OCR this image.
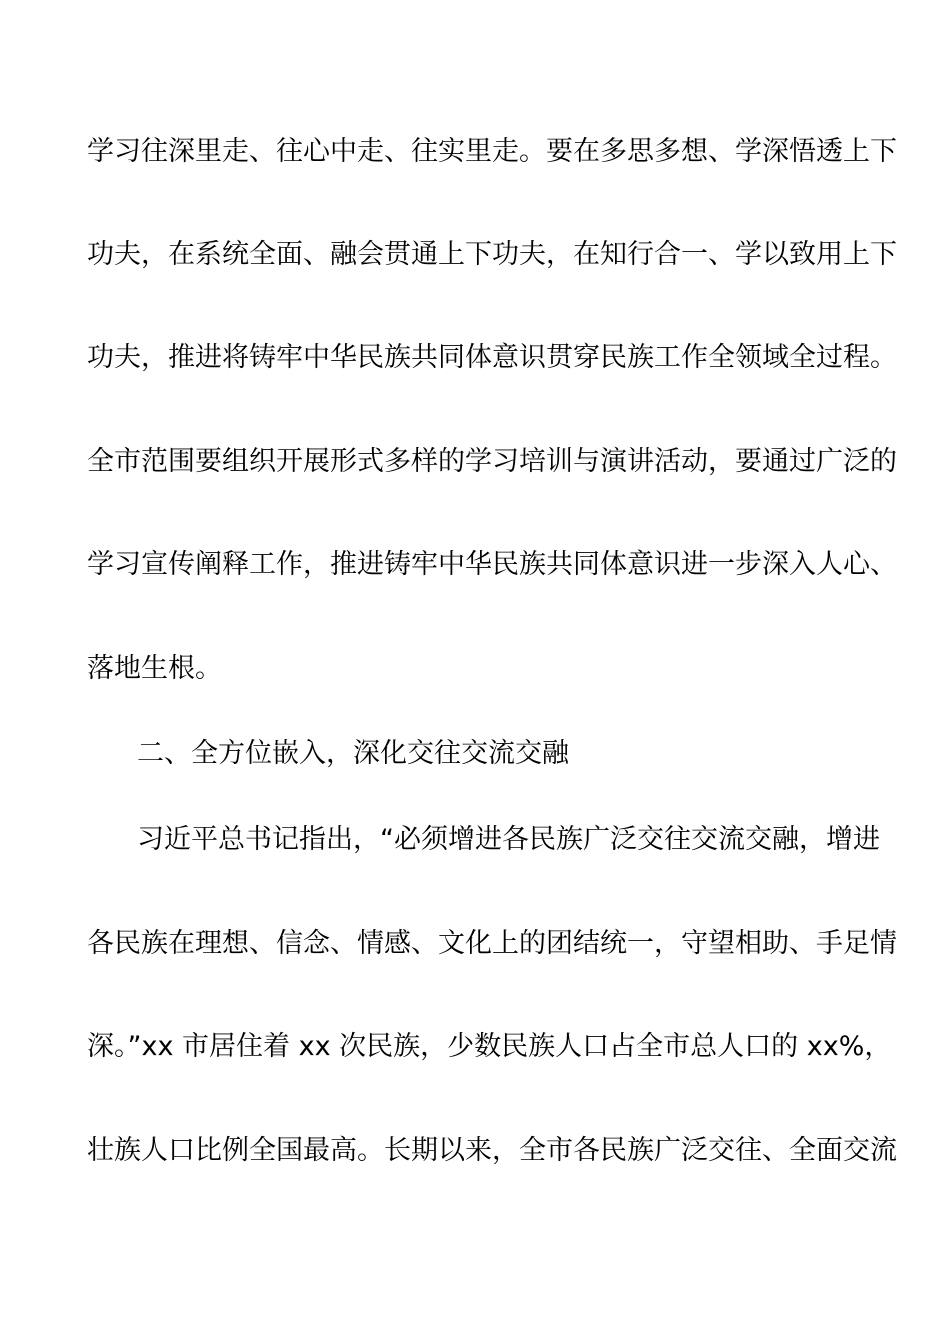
学习往深里走、往心中走、往实里走。要在多思多想、学深悟透上下
功夫，在系统全面、融会贯通上下功夫，在知行合一、学以致用上下
功夫，推进将铸牢中华民族共同体意识贯穿民族工作全领域全过程。
全市范围要组织开展形式多样的学习培训与演讲活动，要通过广泛的
学习宣传阐释工作，推进铸牢中华民族共同体意识进一步深入人心、
落地生根。
二、全方位嵌入，深化交往交流交融
习近平总书记指出，“必须增进各民族广泛交往交流交融，增进
各民族在理想、信念、情感、文化上的团结统一，守望相助、手足情
深。”xx 市居住着 xx 次民族，少数民族人口占全市总人口的 xx%，
壮族人口比例全国最高。长期以来，全市各民族广泛交往、全面交流
